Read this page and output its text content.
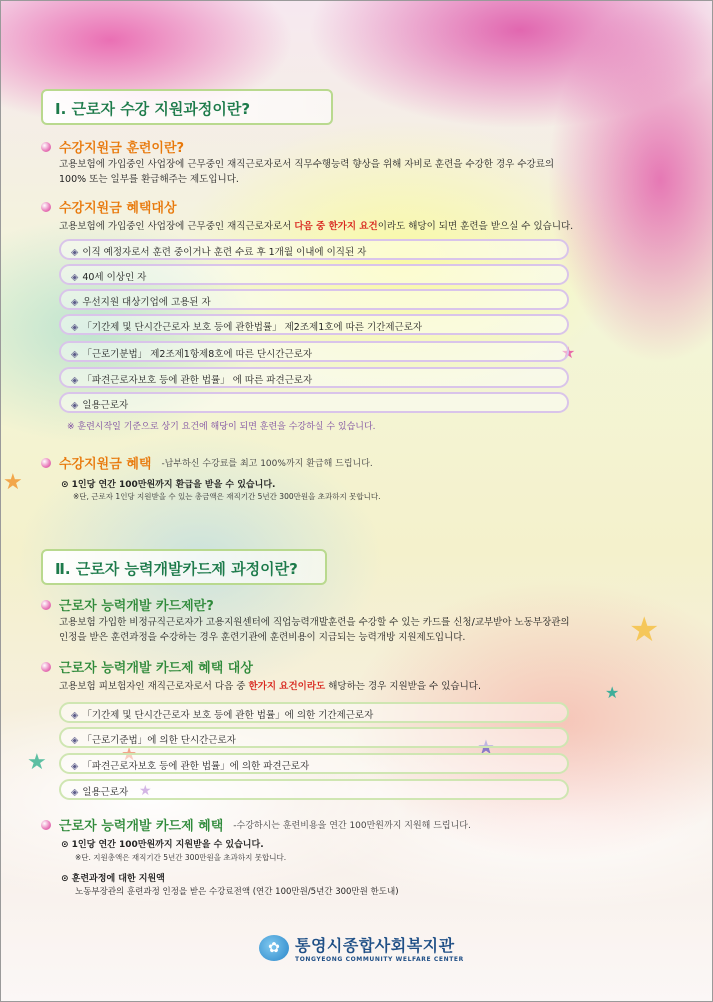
★
★
★
★
★
★	★
★
Ⅰ. 근로자 수강 지원과정이란?
수강지원금 훈련이란?
고용보험에 가입중인 사업장에 근무중인 재직근로자로서 직무수행능력 향상을 위해 자비로 훈련을 수강한 경우 수강료의
100% 또는 일부를 환급해주는 제도입니다.
수강지원금 혜택대상
고용보험에 가입중인 사업장에 근무중인 재직근로자로서 다음 중 한가지 요건이라도 해당이 되면 훈련을 받으실 수 있습니다.
◈ 이직 예정자로서 훈련 중이거나 훈련 수료 후 1개월 이내에 이직된 자
◈ 40세 이상인 자
◈ 우선지원 대상기업에 고용된 자
◈ 「기간제 및 단시간근로자 보호 등에 관한법률」 제2조제1호에 따른 기간제근로자
◈ 「근로기분법」 제2조제1항제8호에 따른 단시간근로자
◈ 「파견근로자보호 등에 관한 법률」 에 따른 파견근로자
◈ 일용근로자
※ 훈련시작일 기준으로 상기 요건에 해당이 되면 훈련을 수강하실 수 있습니다.
수강지원금 혜택 -납부하신 수강료를 최고 100%까지 환급해 드립니다.
⊙ 1인당 연간 100만원까지 환급을 받을 수 있습니다.
※단, 근로자 1인당 지원받을 수 있는 총금액은 재직기간 5년간 300만원을 초과하지 못합니다.
Ⅱ. 근로자 능력개발카드제 과정이란?
근로자 능력개발 카드제란?
고용보험 가입한 비정규직근로자가 고용지원센터에 직업능력개발훈련을 수강할 수 있는 카드를 신청/교부받아 노동부장관의
인정을 받은 훈련과정을 수강하는 경우 훈련기관에 훈련비용이 지급되는 능력개방 지원제도입니다.
근로자 능력개발 카드제 혜택 대상
고용보험 피보험자인 재직근로자로서 다음 중 한가지 요건이라도 해당하는 경우 지원받을 수 있습니다.
◈ 「기간제 및 단시간근로자 보호 등에 관한 법률」에 의한 기간제근로자
◈ 「근로기준법」에 의한 단시간근로자
◈ 「파견근로자보호 등에 관한 법률」에 의한 파견근로자
◈ 일용근로자
근로자 능력개발 카드제 혜택 -수강하시는 훈련비용을 연간 100만원까지 지원해 드립니다.
⊙ 1인당 연간 100만원까지 지원받을 수 있습니다.
※단. 지원총액은 재직기간 5년간 300만원을 초과하지 못합니다.
⊙ 훈련과정에 대한 지원액
노동부장관의 훈련과정 인정을 받은 수강료전액 (연간 100만원/5년간 300만원 한도내)
✿ 통영시종합사회복지관
TONGYEONG COMMUNITY WELFARE CENTER
